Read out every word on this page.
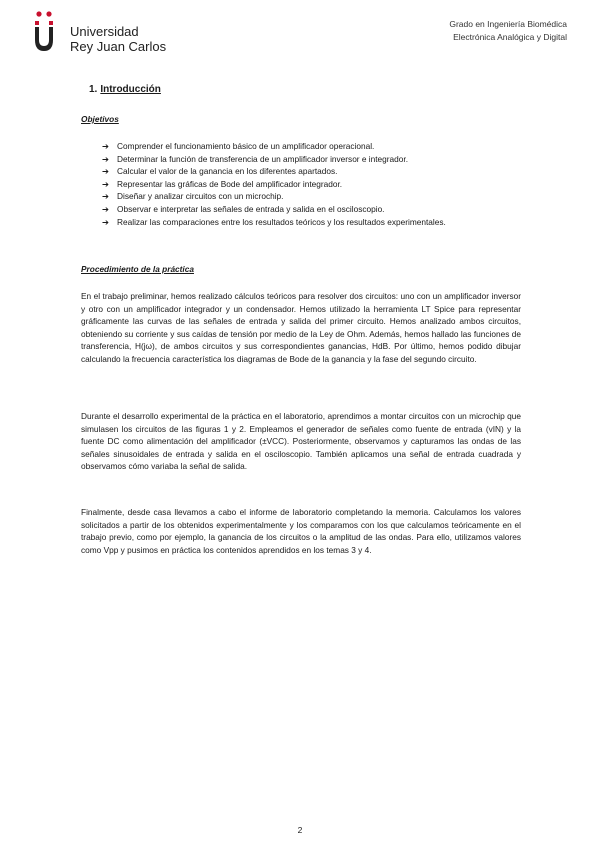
Universidad
Rey Juan Carlos
Grado en Ingeniería Biomédica
Electrónica Analógica y Digital
1. Introducción
Objetivos
➔ Comprender el funcionamiento básico de un amplificador operacional.
➔ Determinar la función de transferencia de un amplificador inversor e integrador.
➔ Calcular el valor de la ganancia en los diferentes apartados.
➔ Representar las gráficas de Bode del amplificador integrador.
➔ Diseñar y analizar circuitos con un microchip.
➔ Observar e interpretar las señales de entrada y salida en el osciloscopio.
➔ Realizar las comparaciones entre los resultados teóricos y los resultados experimentales.
Procedimiento de la práctica

En el trabajo preliminar, hemos realizado cálculos teóricos para resolver dos circuitos: uno con un amplificador inversor y otro con un amplificador integrador y un condensador. Hemos utilizado la herramienta LT Spice para representar gráficamente las curvas de las señales de entrada y salida del primer circuito. Hemos analizado ambos circuitos, obteniendo su corriente y sus caídas de tensión por medio de la Ley de Ohm. Además, hemos hallado las funciones de transferencia, H(jω), de ambos circuitos y sus correspondientes ganancias, HdB. Por último, hemos podido dibujar calculando la frecuencia característica los diagramas de Bode de la ganancia y la fase del segundo circuito.

Durante el desarrollo experimental de la práctica en el laboratorio, aprendimos a montar circuitos con un microchip que simulasen los circuitos de las figuras 1 y 2. Empleamos el generador de señales como fuente de entrada (vIN) y la fuente DC como alimentación del amplificador (±VCC). Posteriormente, observamos y capturamos las ondas de las señales sinusoidales de entrada y salida en el osciloscopio. También aplicamos una señal de entrada cuadrada y observamos cómo variaba la señal de salida.

Finalmente, desde casa llevamos a cabo el informe de laboratorio completando la memoria. Calculamos los valores solicitados a partir de los obtenidos experimentalmente y los comparamos con los que calculamos teóricamente en el trabajo previo, como por ejemplo, la ganancia de los circuitos o la amplitud de las ondas. Para ello, utilizamos valores como Vpp y pusimos en práctica los contenidos aprendidos en los temas 3 y 4.

2
